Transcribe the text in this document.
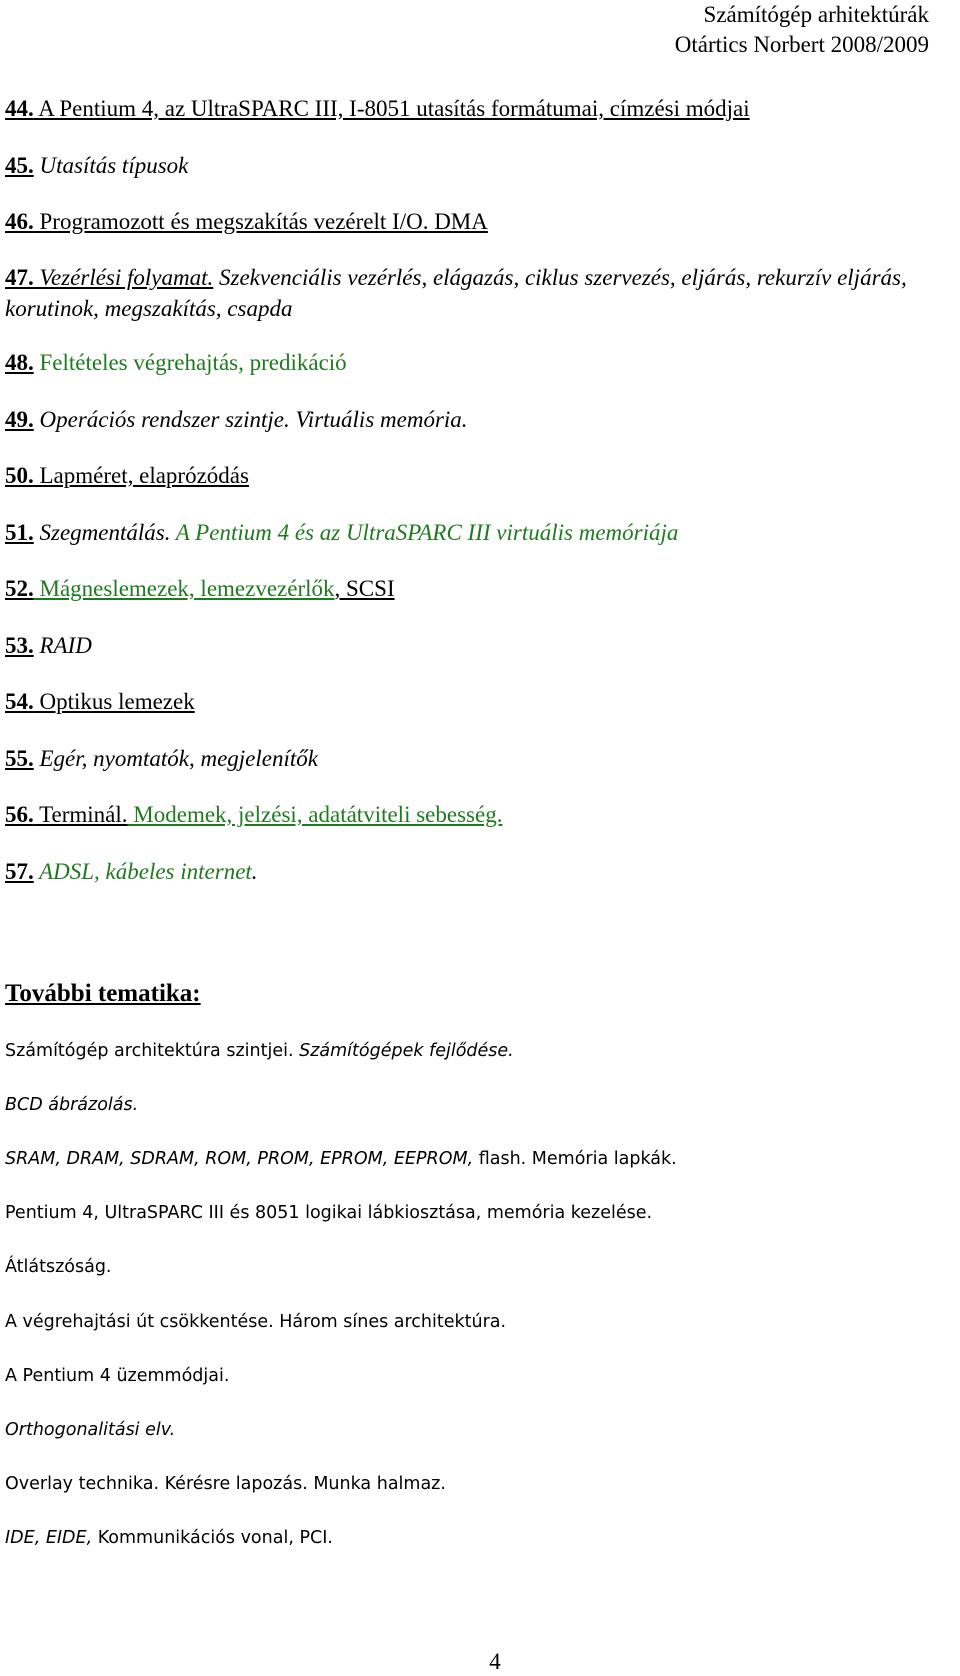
Számítógép arhitektúrák
Otártics Norbert 2008/2009
44. A Pentium 4, az UltraSPARC III, I-8051 utasítás formátumai, címzési módjai
45. Utasítás típusok
46. Programozott és megszakítás vezérelt I/O. DMA
47. Vezérlési folyamat. Szekvenciális vezérlés, elágazás, ciklus szervezés, eljárás, rekurzív eljárás, korutinok, megszakítás, csapda
48. Feltételes végrehajtás, predikáció
49. Operációs rendszer szintje. Virtuális memória.
50. Lapméret, elaprózódás
51. Szegmentálás. A Pentium 4 és az UltraSPARC III virtuális memóriája
52. Mágneslemezek, lemezvezérlők, SCSI
53. RAID
54. Optikus lemezek
55. Egér, nyomtatók, megjelenítők
56. Terminál. Modemek, jelzési, adatátviteli sebesség.
57. ADSL, kábeles internet.
További tematika:
Számítógép architektúra szintjei. Számítógépek fejlődése.
BCD ábrázolás.
SRAM, DRAM, SDRAM, ROM, PROM, EPROM, EEPROM, flash. Memória lapkák.
Pentium 4, UltraSPARC III és 8051 logikai lábkiosztása, memória kezelése.
Átlátszóság.
A végrehajtási út csökkentése. Három sínes architektúra.
A Pentium 4 üzemmódjai.
Orthogonalitási elv.
Overlay technika. Kérésre lapozás. Munka halmaz.
IDE, EIDE, Kommunikációs vonal, PCI.
4
